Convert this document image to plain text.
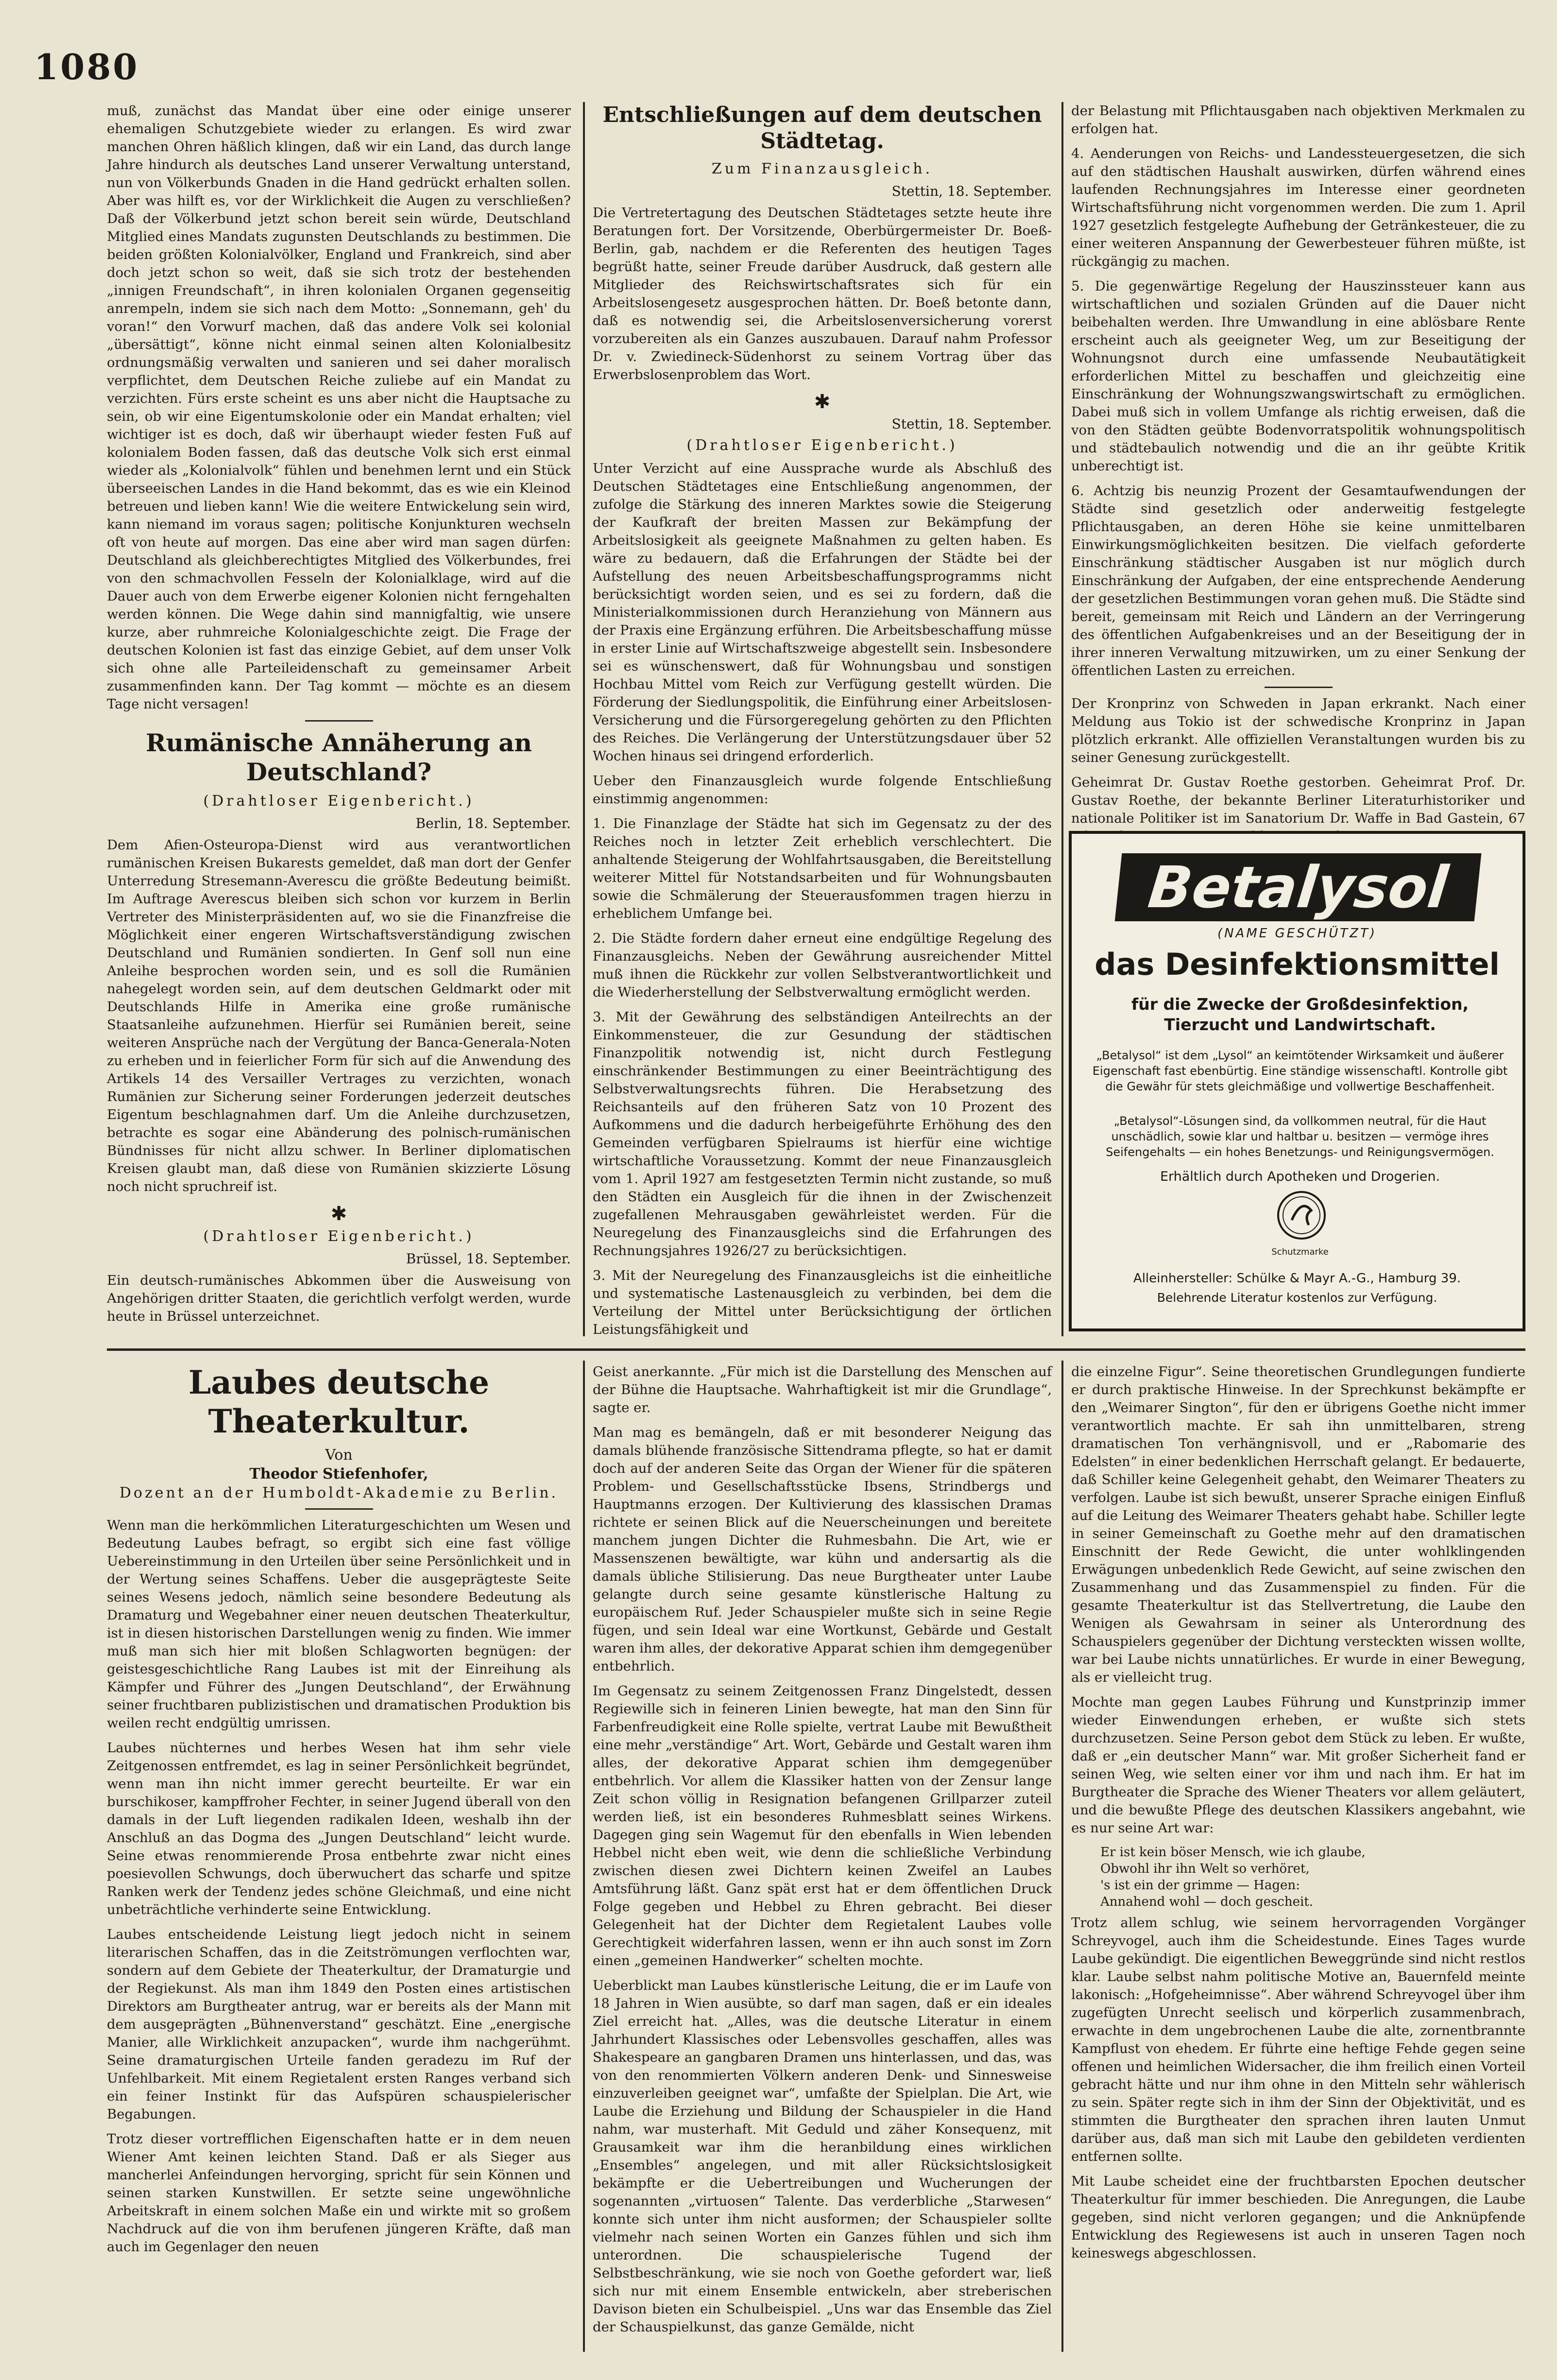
1080

muß, zunächst das Mandat über eine oder einige unserer ehemaligen Schutzgebiete wieder zu erlangen. Es wird zwar manchen Ohren häßlich klingen, daß wir ein Land, das durch lange Jahre hindurch als deutsches Land unserer Verwaltung unterstand, nun von Völkerbunds Gnaden in die Hand gedrückt erhalten sollen. Aber was hilft es, vor der Wirklichkeit die Augen zu verschließen? Daß der Völkerbund jetzt schon bereit sein würde, Deutschland Mitglied eines Mandats zugunsten Deutschlands zu bestimmen. Die beiden größten Kolonialvölker, England und Frankreich, sind aber doch jetzt schon so weit, daß sie sich trotz der bestehenden „innigen Freundschaft“, in ihren kolonialen Organen gegenseitig anrempeln, indem sie sich nach dem Motto: „Sonnemann, geh' du voran!“ den Vorwurf machen, daß das andere Volk sei kolonial „übersättigt“, könne nicht einmal seinen alten Kolonialbesitz ordnungsmäßig verwalten und sanieren und sei daher moralisch verpflichtet, dem Deutschen Reiche zuliebe auf ein Mandat zu verzichten. Fürs erste scheint es uns aber nicht die Hauptsache zu sein, ob wir eine Eigentumskolonie oder ein Mandat erhalten; viel wichtiger ist es doch, daß wir überhaupt wieder festen Fuß auf kolonialem Boden fassen, daß das deutsche Volk sich erst einmal wieder als „Kolonialvolk“ fühlen und benehmen lernt und ein Stück überseeischen Landes in die Hand bekommt, das es wie ein Kleinod betreuen und lieben kann! Wie die weitere Entwickelung sein wird, kann niemand im voraus sagen; politische Konjunkturen wechseln oft von heute auf morgen. Das eine aber wird man sagen dürfen: Deutschland als gleichberechtigtes Mitglied des Völkerbundes, frei von den schmachvollen Fesseln der Kolonialklage, wird auf die Dauer auch von dem Erwerbe eigener Kolonien nicht ferngehalten werden können. Die Wege dahin sind mannigfaltig, wie unsere kurze, aber ruhmreiche Kolonialgeschichte zeigt. Die Frage der deutschen Kolonien ist fast das einzige Gebiet, auf dem unser Volk sich ohne alle Parteileidenschaft zu gemeinsamer Arbeit zusammenfinden kann. Der Tag kommt — möchte es an diesem Tage nicht versagen!

Rumänische Annäherung an Deutschland?
(Drahtloser Eigenbericht.)
Berlin, 18. September.

Dem Afien-Osteuropa-Dienst wird aus verantwortlichen rumänischen Kreisen Bukarests gemeldet, daß man dort der Genfer Unterredung Stresemann-Averescu die größte Bedeutung beimißt. Im Auftrage Averescus bleiben sich schon vor kurzem in Berlin Vertreter des Ministerpräsidenten auf, wo sie die Finanzfreise die Möglichkeit einer engeren Wirtschaftsverständigung zwischen Deutschland und Rumänien sondierten. In Genf soll nun eine Anleihe besprochen worden sein, und es soll die Rumänien nahegelegt worden sein, auf dem deutschen Geldmarkt oder mit Deutschlands Hilfe in Amerika eine große rumänische Staatsanleihe aufzunehmen. Hierfür sei Rumänien bereit, seine weiteren Ansprüche nach der Vergütung der Banca-Generala-Noten zu erheben und in feierlicher Form für sich auf die Anwendung des Artikels 14 des Versailler Vertrages zu verzichten, wonach Rumänien zur Sicherung seiner Forderungen jederzeit deutsches Eigentum beschlagnahmen darf. Um die Anleihe durchzusetzen, betrachte es sogar eine Abänderung des polnisch-rumänischen Bündnisses für nicht allzu schwer. In Berliner diplomatischen Kreisen glaubt man, daß diese von Rumänien skizzierte Lösung noch nicht spruchreif ist.

✱
(Drahtloser Eigenbericht.)
Brüssel, 18. September.

Ein deutsch-rumänisches Abkommen über die Ausweisung von Angehörigen dritter Staaten, die gerichtlich verfolgt werden, wurde heute in Brüssel unterzeichnet.

Entschließungen auf dem deutschen Städtetag.
Zum Finanzausgleich.
Stettin, 18. September.

Die Vertretertagung des Deutschen Städtetages setzte heute ihre Beratungen fort. Der Vorsitzende, Oberbürgermeister Dr. Boeß-Berlin, gab, nachdem er die Referenten des heutigen Tages begrüßt hatte, seiner Freude darüber Ausdruck, daß gestern alle Mitglieder des Reichswirtschaftsrates sich für ein Arbeitslosengesetz ausgesprochen hätten. Dr. Boeß betonte dann, daß es notwendig sei, die Arbeitslosenversicherung vorerst vorzubereiten als ein Ganzes auszubauen. Darauf nahm Professor Dr. v. Zwiedineck-Südenhorst zu seinem Vortrag über das Erwerbslosenproblem das Wort.

✱
Stettin, 18. September.
(Drahtloser Eigenbericht.)

Unter Verzicht auf eine Aussprache wurde als Abschluß des Deutschen Städtetages eine Entschließung angenommen, der zufolge die Stärkung des inneren Marktes sowie die Steigerung der Kaufkraft der breiten Massen zur Bekämpfung der Arbeitslosigkeit als geeignete Maßnahmen zu gelten haben. Es wäre zu bedauern, daß die Erfahrungen der Städte bei der Aufstellung des neuen Arbeitsbeschaffungsprogramms nicht berücksichtigt worden seien, und es sei zu fordern, daß die Ministerialkommissionen durch Heranziehung von Männern aus der Praxis eine Ergänzung erführen. Die Arbeitsbeschaffung müsse in erster Linie auf Wirtschaftszweige abgestellt sein. Insbesondere sei es wünschenswert, daß für Wohnungsbau und sonstigen Hochbau Mittel vom Reich zur Verfügung gestellt würden. Die Förderung der Siedlungspolitik, die Einführung einer Arbeitslosen-Versicherung und die Fürsorgeregelung gehörten zu den Pflichten des Reiches. Die Verlängerung der Unterstützungsdauer über 52 Wochen hinaus sei dringend erforderlich.

Ueber den Finanzausgleich wurde folgende Entschließung einstimmig angenommen:

1. Die Finanzlage der Städte hat sich im Gegensatz zu der des Reiches noch in letzter Zeit erheblich verschlechtert. Die anhaltende Steigerung der Wohlfahrtsausgaben, die Bereitstellung weiterer Mittel für Notstandsarbeiten und für Wohnungsbauten sowie die Schmälerung der Steuerausfommen tragen hierzu in erheblichem Umfange bei.

2. Die Städte fordern daher erneut eine endgültige Regelung des Finanzausgleichs. Neben der Gewährung ausreichender Mittel muß ihnen die Rückkehr zur vollen Selbstverantwortlichkeit und die Wiederherstellung der Selbstverwaltung ermöglicht werden.

3. Mit der Gewährung des selbständigen Anteilrechts an der Einkommensteuer, die zur Gesundung der städtischen Finanzpolitik notwendig ist, nicht durch Festlegung einschränkender Bestimmungen zu einer Beeinträchtigung des Selbstverwaltungsrechts führen. Die Herabsetzung des Reichsanteils auf den früheren Satz von 10 Prozent des Aufkommens und die dadurch herbeigeführte Erhöhung des den Gemeinden verfügbaren Spielraums ist hierfür eine wichtige wirtschaftliche Voraussetzung. Kommt der neue Finanzausgleich vom 1. April 1927 am festgesetzten Termin nicht zustande, so muß den Städten ein Ausgleich für die ihnen in der Zwischenzeit zugefallenen Mehrausgaben gewährleistet werden. Für die Neuregelung des Finanzausgleichs sind die Erfahrungen des Rechnungsjahres 1926/27 zu berücksichtigen.

3. Mit der Neuregelung des Finanzausgleichs ist die einheitliche und systematische Lastenausgleich zu verbinden, bei dem die Verteilung der Mittel unter Berücksichtigung der örtlichen Leistungsfähigkeit und

der Belastung mit Pflichtausgaben nach objektiven Merkmalen zu erfolgen hat.

4. Aenderungen von Reichs- und Landessteuergesetzen, die sich auf den städtischen Haushalt auswirken, dürfen während eines laufenden Rechnungsjahres im Interesse einer geordneten Wirtschaftsführung nicht vorgenommen werden. Die zum 1. April 1927 gesetzlich festgelegte Aufhebung der Getränkesteuer, die zu einer weiteren Anspannung der Gewerbesteuer führen müßte, ist rückgängig zu machen.

5. Die gegenwärtige Regelung der Hauszinssteuer kann aus wirtschaftlichen und sozialen Gründen auf die Dauer nicht beibehalten werden. Ihre Umwandlung in eine ablösbare Rente erscheint auch als geeigneter Weg, um zur Beseitigung der Wohnungsnot durch eine umfassende Neubautätigkeit erforderlichen Mittel zu beschaffen und gleichzeitig eine Einschränkung der Wohnungszwangswirtschaft zu ermöglichen. Dabei muß sich in vollem Umfange als richtig erweisen, daß die von den Städten geübte Bodenvorratspolitik wohnungspolitisch und städtebaulich notwendig und die an ihr geübte Kritik unberechtigt ist.

6. Achtzig bis neunzig Prozent der Gesamtaufwendungen der Städte sind gesetzlich oder anderweitig festgelegte Pflichtausgaben, an deren Höhe sie keine unmittelbaren Einwirkungsmöglichkeiten besitzen. Die vielfach geforderte Einschränkung städtischer Ausgaben ist nur möglich durch Einschränkung der Aufgaben, der eine entsprechende Aenderung der gesetzlichen Bestimmungen voran gehen muß. Die Städte sind bereit, gemeinsam mit Reich und Ländern an der Verringerung des öffentlichen Aufgabenkreises und an der Beseitigung der in ihrer inneren Verwaltung mitzuwirken, um zu einer Senkung der öffentlichen Lasten zu erreichen.

Der Kronprinz von Schweden in Japan erkrankt. Nach einer Meldung aus Tokio ist der schwedische Kronprinz in Japan plötzlich erkrankt. Alle offiziellen Veranstaltungen wurden bis zu seiner Genesung zurückgestellt.

Geheimrat Dr. Gustav Roethe gestorben. Geheimrat Prof. Dr. Gustav Roethe, der bekannte Berliner Literaturhistoriker und nationale Politiker ist im Sanatorium Dr. Waffe in Bad Gastein, 67

Betalysol
(NAME GESCHÜTZT)
das Desinfektionsmittel
für die Zwecke der Großdesinfektion, Tierzucht und Landwirtschaft.
„Betalysol“ ist dem „Lysol“ an keimtötender Wirksamkeit und äußerer Eigenschaft fast ebenbürtig. Eine ständige wissenschaftl. Kontrolle gibt die Gewähr für stets gleichmäßige und vollwertige Beschaffenheit.
„Betalysol“-Lösungen sind, da vollkommen neutral, für die Haut unschädlich, sowie klar und haltbar u. besitzen — vermöge ihres Seifengehalts — ein hohes Benetzungs- und Reinigungsvermögen.
Erhältlich durch Apotheken und Drogerien.
Schutzmarke
Alleinhersteller: Schülke & Mayr A.-G., Hamburg 39.
Belehrende Literatur kostenlos zur Verfügung.
Laubes deutsche Theaterkultur.
Von
Theodor Stiefenhofer,
Dozent an der Humboldt-Akademie zu Berlin.

Wenn man die herkömmlichen Literaturgeschichten um Wesen und Bedeutung Laubes befragt, so ergibt sich eine fast völlige Uebereinstimmung in den Urteilen über seine Persönlichkeit und in der Wertung seines Schaffens. Ueber die ausgeprägteste Seite seines Wesens jedoch, nämlich seine besondere Bedeutung als Dramaturg und Wegebahner einer neuen deutschen Theaterkultur, ist in diesen historischen Darstellungen wenig zu finden. Wie immer muß man sich hier mit bloßen Schlagworten begnügen: der geistesgeschichtliche Rang Laubes ist mit der Einreihung als Kämpfer und Führer des „Jungen Deutschland“, der Erwähnung seiner fruchtbaren publizistischen und dramatischen Produktion bis weilen recht endgültig umrissen.

Laubes nüchternes und herbes Wesen hat ihm sehr viele Zeitgenossen entfremdet, es lag in seiner Persönlichkeit begründet, wenn man ihn nicht immer gerecht beurteilte. Er war ein burschikoser, kampffroher Fechter, in seiner Jugend überall von den damals in der Luft liegenden radikalen Ideen, weshalb ihn der Anschluß an das Dogma des „Jungen Deutschland“ leicht wurde. Seine etwas renommierende Prosa entbehrte zwar nicht eines poesievollen Schwungs, doch überwuchert das scharfe und spitze Ranken werk der Tendenz jedes schöne Gleichmaß, und eine nicht unbeträchtliche verhinderte seine Entwicklung.

Laubes entscheidende Leistung liegt jedoch nicht in seinem literarischen Schaffen, das in die Zeitströmungen verflochten war, sondern auf dem Gebiete der Theaterkultur, der Dramaturgie und der Regiekunst. Als man ihm 1849 den Posten eines artistischen Direktors am Burgtheater antrug, war er bereits als der Mann mit dem ausgeprägten „Bühnenverstand“ geschätzt. Eine „energische Manier, alle Wirklichkeit anzupacken“, wurde ihm nachgerühmt. Seine dramaturgischen Urteile fanden geradezu im Ruf der Unfehlbarkeit. Mit einem Regietalent ersten Ranges verband sich ein feiner Instinkt für das Aufspüren schauspielerischer Begabungen.

Trotz dieser vortrefflichen Eigenschaften hatte er in dem neuen Wiener Amt keinen leichten Stand. Daß er als Sieger aus mancherlei Anfeindungen hervorging, spricht für sein Können und seinen starken Kunstwillen. Er setzte seine ungewöhnliche Arbeitskraft in einem solchen Maße ein und wirkte mit so großem Nachdruck auf die von ihm berufenen jüngeren Kräfte, daß man auch im Gegenlager den neuen

Geist anerkannte. „Für mich ist die Darstellung des Menschen auf der Bühne die Hauptsache. Wahrhaftigkeit ist mir die Grundlage“, sagte er.

Man mag es bemängeln, daß er mit besonderer Neigung das damals blühende französische Sittendrama pflegte, so hat er damit doch auf der anderen Seite das Organ der Wiener für die späteren Problem- und Gesellschaftsstücke Ibsens, Strindbergs und Hauptmanns erzogen. Der Kultivierung des klassischen Dramas richtete er seinen Blick auf die Neuerscheinungen und bereitete manchem jungen Dichter die Ruhmesbahn. Die Art, wie er Massenszenen bewältigte, war kühn und andersartig als die damals übliche Stilisierung. Das neue Burgtheater unter Laube gelangte durch seine gesamte künstlerische Haltung zu europäischem Ruf. Jeder Schauspieler mußte sich in seine Regie fügen, und sein Ideal war eine Wortkunst, Gebärde und Gestalt waren ihm alles, der dekorative Apparat schien ihm demgegenüber entbehrlich.

Im Gegensatz zu seinem Zeitgenossen Franz Dingelstedt, dessen Regiewille sich in feineren Linien bewegte, hat man den Sinn für Farbenfreudigkeit eine Rolle spielte, vertrat Laube mit Bewußtheit eine mehr „verständige“ Art. Wort, Gebärde und Gestalt waren ihm alles, der dekorative Apparat schien ihm demgegenüber entbehrlich. Vor allem die Klassiker hatten von der Zensur lange Zeit schon völlig in Resignation befangenen Grillparzer zuteil werden ließ, ist ein besonderes Ruhmesblatt seines Wirkens. Dagegen ging sein Wagemut für den ebenfalls in Wien lebenden Hebbel nicht eben weit, wie denn die schließliche Verbindung zwischen diesen zwei Dichtern keinen Zweifel an Laubes Amtsführung läßt. Ganz spät erst hat er dem öffentlichen Druck Folge gegeben und Hebbel zu Ehren gebracht. Bei dieser Gelegenheit hat der Dichter dem Regietalent Laubes volle Gerechtigkeit widerfahren lassen, wenn er ihn auch sonst im Zorn einen „gemeinen Handwerker“ schelten mochte.

Ueberblickt man Laubes künstlerische Leitung, die er im Laufe von 18 Jahren in Wien ausübte, so darf man sagen, daß er ein ideales Ziel erreicht hat. „Alles, was die deutsche Literatur in einem Jahrhundert Klassisches oder Lebensvolles geschaffen, alles was Shakespeare an gangbaren Dramen uns hinterlassen, und das, was von den renommierten Völkern anderen Denk- und Sinnesweise einzuverleiben geeignet war“, umfaßte der Spielplan. Die Art, wie Laube die Erziehung und Bildung der Schauspieler in die Hand nahm, war musterhaft. Mit Geduld und zäher Konsequenz, mit Grausamkeit war ihm die heranbildung eines wirklichen „Ensembles“ angelegen, und mit aller Rücksichtslosigkeit bekämpfte er die Uebertreibungen und Wucherungen der sogenannten „virtuosen“ Talente. Das verderbliche „Starwesen“ konnte sich unter ihm nicht ausformen; der Schauspieler sollte vielmehr nach seinen Worten ein Ganzes fühlen und sich ihm unterordnen. Die schauspielerische Tugend der Selbstbeschränkung, wie sie noch von Goethe gefordert war, ließ sich nur mit einem Ensemble entwickeln, aber streberischen Davison bieten ein Schulbeispiel. „Uns war das Ensemble das Ziel der Schauspielkunst, das ganze Gemälde, nicht

die einzelne Figur“. Seine theoretischen Grundlegungen fundierte er durch praktische Hinweise. In der Sprechkunst bekämpfte er den „Weimarer Sington“, für den er übrigens Goethe nicht immer verantwortlich machte. Er sah ihn unmittelbaren, streng dramatischen Ton verhängnisvoll, und er „Rabomarie des Edelsten“ in einer bedenklichen Herrschaft gelangt. Er bedauerte, daß Schiller keine Gelegenheit gehabt, den Weimarer Theaters zu verfolgen. Laube ist sich bewußt, unserer Sprache einigen Einfluß auf die Leitung des Weimarer Theaters gehabt habe. Schiller legte in seiner Gemeinschaft zu Goethe mehr auf den dramatischen Einschnitt der Rede Gewicht, die unter wohlklingenden Erwägungen unbedenklich Rede Gewicht, auf seine zwischen den Zusammenhang und das Zusammenspiel zu finden. Für die gesamte Theaterkultur ist das Stellvertretung, die Laube den Wenigen als Gewahrsam in seiner als Unterordnung des Schauspielers gegenüber der Dichtung versteckten wissen wollte, war bei Laube nichts unnatürliches. Er wurde in einer Bewegung, als er vielleicht trug.

Mochte man gegen Laubes Führung und Kunstprinzip immer wieder Einwendungen erheben, er wußte sich stets durchzusetzen. Seine Person gebot dem Stück zu leben. Er wußte, daß er „ein deutscher Mann“ war. Mit großer Sicherheit fand er seinen Weg, wie selten einer vor ihm und nach ihm. Er hat im Burgtheater die Sprache des Wiener Theaters vor allem geläutert, und die bewußte Pflege des deutschen Klassikers angebahnt, wie es nur seine Art war:

Er ist kein böser Mensch, wie ich glaube,
Obwohl ihr ihn Welt so verhöret,
's ist ein der grimme — Hagen:
Annahend wohl — doch gescheit.

Trotz allem schlug, wie seinem hervorragenden Vorgänger Schreyvogel, auch ihm die Scheidestunde. Eines Tages wurde Laube gekündigt. Die eigentlichen Beweggründe sind nicht restlos klar. Laube selbst nahm politische Motive an, Bauernfeld meinte lakonisch: „Hofgeheimnisse“. Aber während Schreyvogel über ihm zugefügten Unrecht seelisch und körperlich zusammenbrach, erwachte in dem ungebrochenen Laube die alte, zornentbrannte Kampflust von ehedem. Er führte eine heftige Fehde gegen seine offenen und heimlichen Widersacher, die ihm freilich einen Vorteil gebracht hätte und nur ihm ohne in den Mitteln sehr wählerisch zu sein. Später regte sich in ihm der Sinn der Objektivität, und es stimmten die Burgtheater den sprachen ihren lauten Unmut darüber aus, daß man sich mit Laube den gebildeten verdienten entfernen sollte.

Mit Laube scheidet eine der fruchtbarsten Epochen deutscher Theaterkultur für immer beschieden. Die Anregungen, die Laube gegeben, sind nicht verloren gegangen; und die Anknüpfende Entwicklung des Regiewesens ist auch in unseren Tagen noch keineswegs abgeschlossen.
